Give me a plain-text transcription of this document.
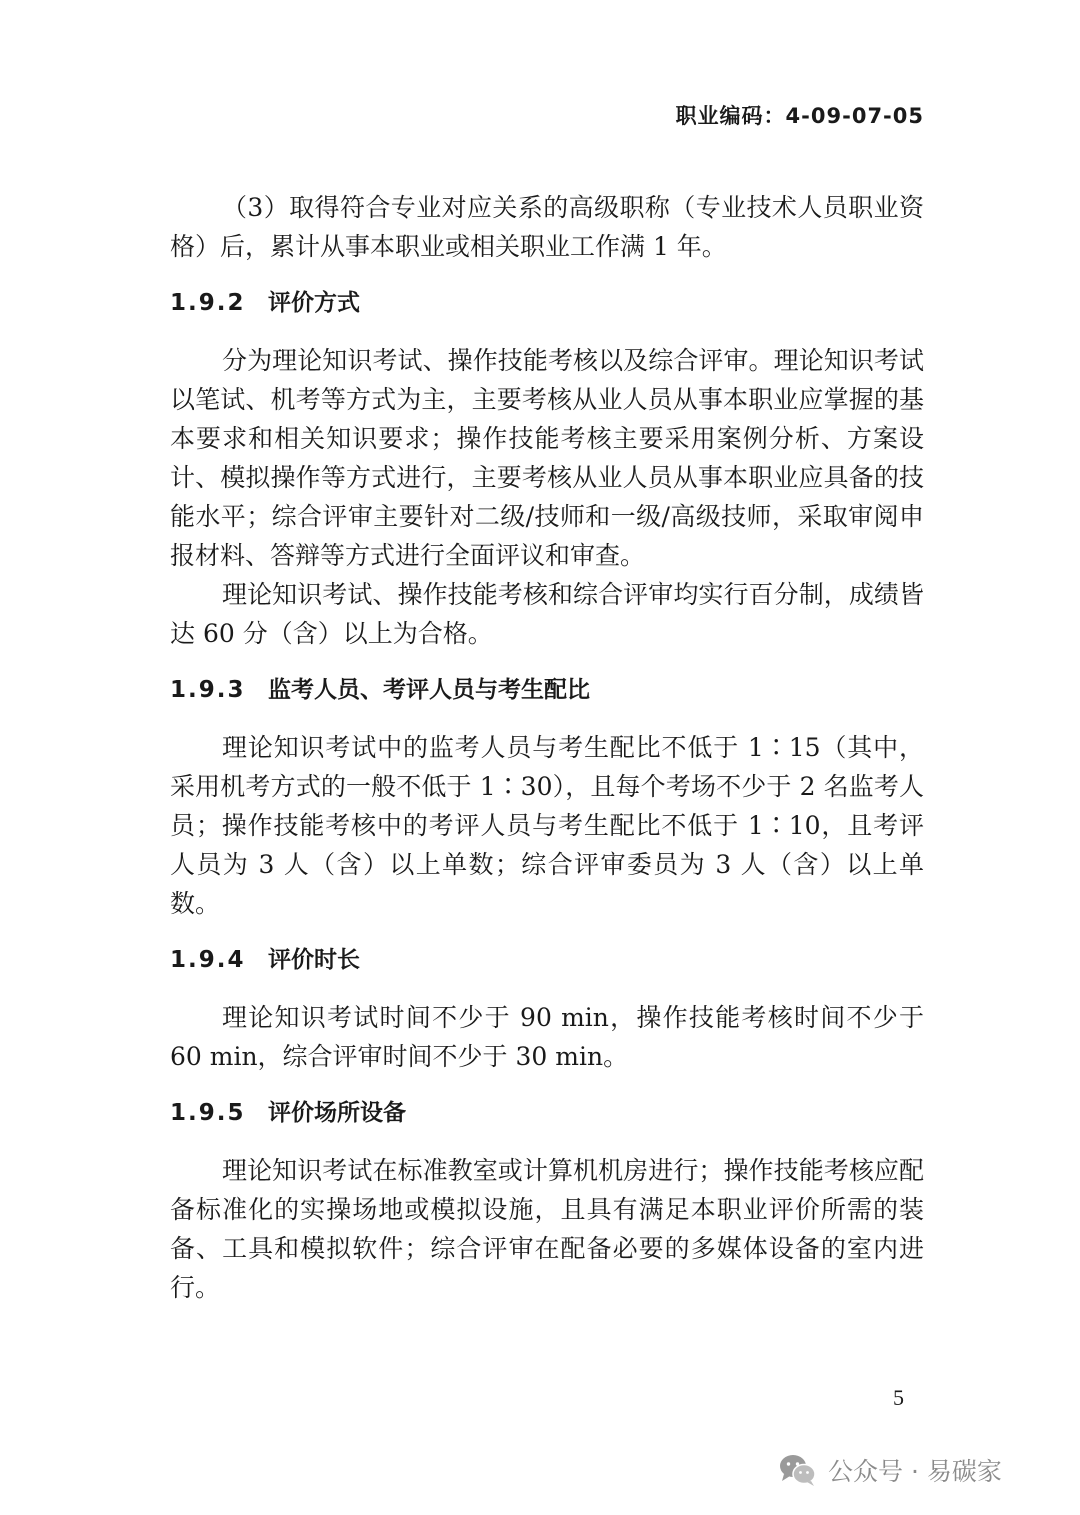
职业编码：4-09-07-05

（3）取得符合专业对应关系的高级职称（专业技术人员职业资格）后，累计从事本职业或相关职业工作满 1 年。

1.9.2 评价方式

分为理论知识考试、操作技能考核以及综合评审。理论知识考试以笔试、机考等方式为主，主要考核从业人员从事本职业应掌握的基本要求和相关知识要求；操作技能考核主要采用案例分析、方案设计、模拟操作等方式进行，主要考核从业人员从事本职业应具备的技能水平；综合评审主要针对二级/技师和一级/高级技师，采取审阅申报材料、答辩等方式进行全面评议和审查。

理论知识考试、操作技能考核和综合评审均实行百分制，成绩皆达 60 分（含）以上为合格。

1.9.3 监考人员、考评人员与考生配比

理论知识考试中的监考人员与考生配比不低于 1∶15（其中，采用机考方式的一般不低于 1∶30），且每个考场不少于 2 名监考人员；操作技能考核中的考评人员与考生配比不低于 1∶10，且考评人员为 3 人（含）以上单数；综合评审委员为 3 人（含）以上单数。

1.9.4 评价时长

理论知识考试时间不少于 90 min，操作技能考核时间不少于 60 min，综合评审时间不少于 30 min。

1.9.5 评价场所设备

理论知识考试在标准教室或计算机机房进行；操作技能考核应配备标准化的实操场地或模拟设施，且具有满足本职业评价所需的装备、工具和模拟软件；综合评审在配备必要的多媒体设备的室内进行。

5
公众号 · 易碳家
